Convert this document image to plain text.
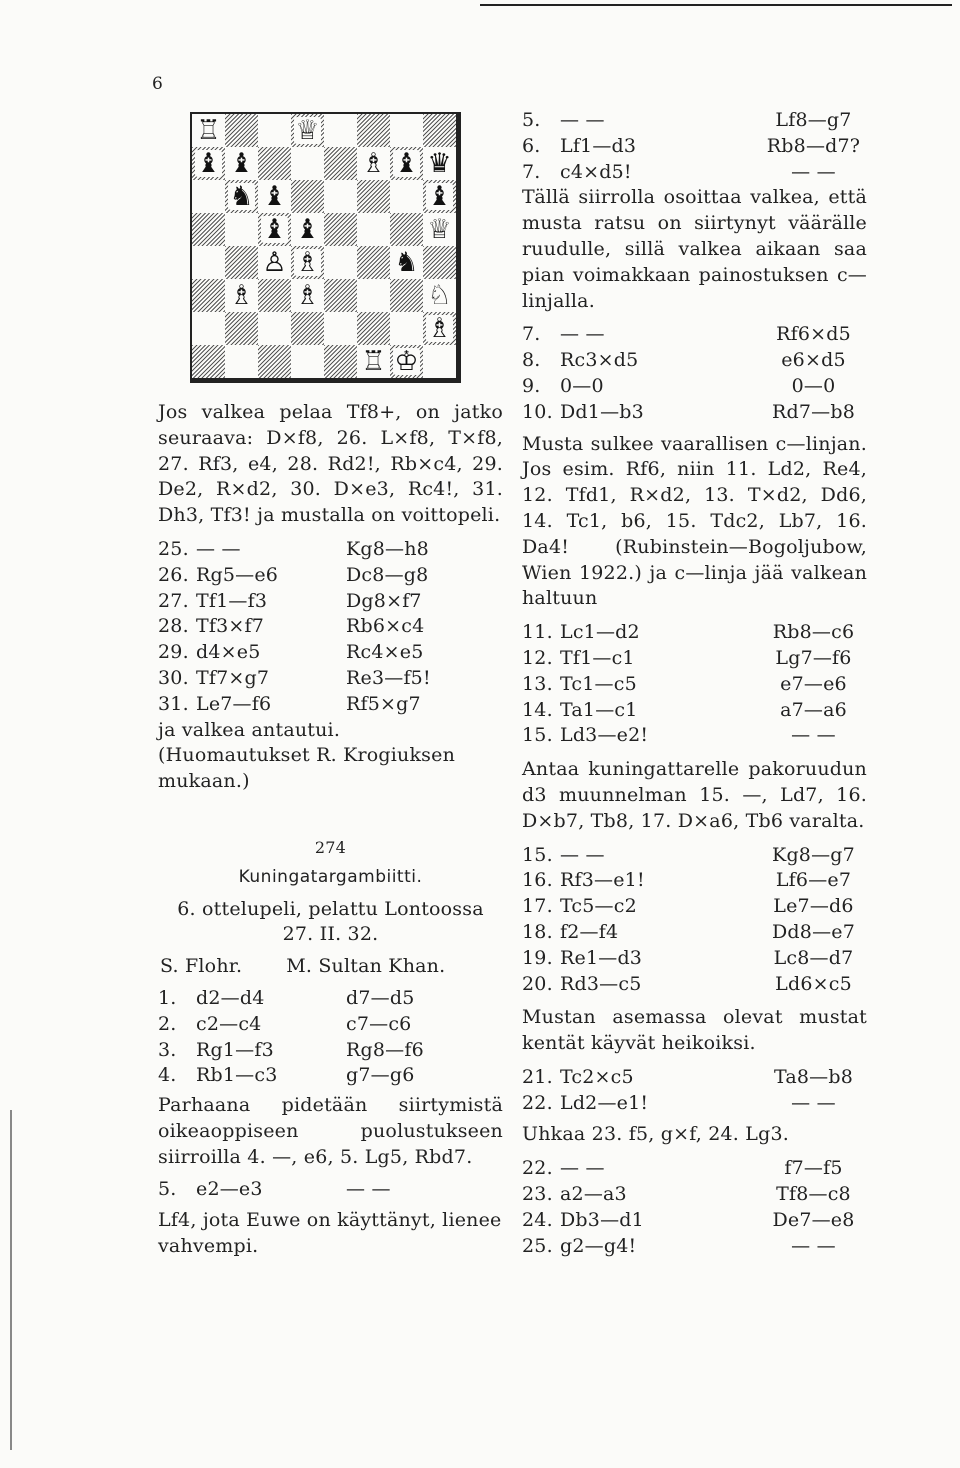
6
♖	♕
♝ ♝	♗ ♝ ♛
♞ ♝	♝
♝ ♝	♕
♙ ♗	♞
♗ ♗	♘
♗
♖ ♔

Jos valkea pelaa Tf8+, on jatko seuraava: D×f8, 26. L×f8, T×f8, 27. Rf3, e4, 28. Rd2!, Rb×c4, 29. De2, R×d2, 30. D×e3, Rc4!, 31. Dh3, Tf3! ja mustalla on voittopeli.

25. — —	Kg8—h8
26. Rg5—e6	Dc8—g8
27. Tf1—f3	Dg8×f7
28. Tf3×f7	Rb6×c4
29. d4×e5	Rc4×e5
30. Tf7×g7	Re3—f5!
31. Le7—f6	Rf5×g7

ja valkea antautui.

(Huomautukset R. Krogiuksen mukaan.)

274
Kuningatargambiitti.
6. ottelupeli, pelattu Lontoossa
27. II. 32.
S. Flohr. M. Sultan Khan.
1.	d2—d4	d7—d5
2.	c2—c4	c7—c6
3.	Rg1—f3	Rg8—f6
4.	Rb1—c3	g7—g6

Parhaana pidetään siirtymistä oikeaoppiseen puolustukseen siirroilla 4. —, e6, 5. Lg5, Rbd7.

5.	e2—e3	— —

Lf4, jota Euwe on käyttänyt, lienee vahvempi.

5.	— —	Lf8—g7
6.	Lf1—d3	Rb8—d7?
7.	c4×d5!	— —

Tällä siirrolla osoittaa valkea, että musta ratsu on siirtynyt väärälle ruudulle, sillä valkea aikaan saa pian voimakkaan painostuksen c—linjalla.

7.	— —	Rf6×d5
8.	Rc3×d5	e6×d5
9.	0—0	0—0
10. Dd1—b3	Rd7—b8

Musta sulkee vaarallisen c—linjan. Jos esim. Rf6, niin 11. Ld2, Re4, 12. Tfd1, R×d2, 13. T×d2, Dd6, 14. Tc1, b6, 15. Tdc2, Lb7, 16. Da4! (Rubinstein—Bogoljubow, Wien 1922.) ja c—linja jää valkean haltuun

11. Lc1—d2	Rb8—c6
12. Tf1—c1	Lg7—f6
13. Tc1—c5	e7—e6
14. Ta1—c1	a7—a6
15. Ld3—e2!	— —

Antaa kuningattarelle pakoruudun d3 muunnelman 15. —, Ld7, 16. D×b7, Tb8, 17. D×a6, Tb6 varalta.

15. — —	Kg8—g7
16. Rf3—e1!	Lf6—e7
17. Tc5—c2	Le7—d6
18. f2—f4	Dd8—e7
19. Re1—d3	Lc8—d7
20. Rd3—c5	Ld6×c5

Mustan asemassa olevat mustat kentät käyvät heikoiksi.

21. Tc2×c5	Ta8—b8
22. Ld2—e1!	— —

Uhkaa 23. f5, g×f, 24. Lg3.

22. — —	f7—f5
23. a2—a3	Tf8—c8
24. Db3—d1	De7—e8
25. g2—g4!	— —
